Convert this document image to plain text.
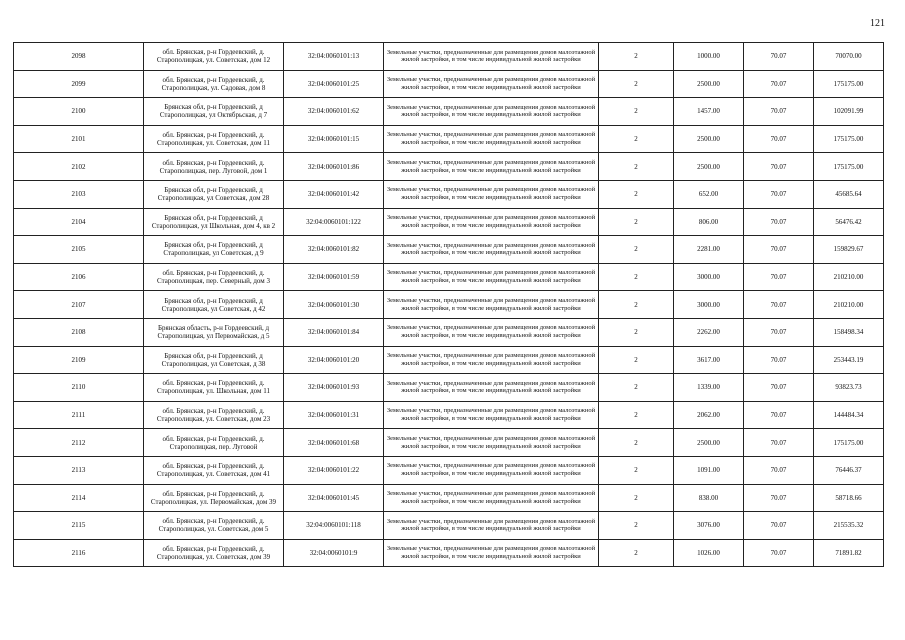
121
2098	обл. Брянская, р-н Гордеевский, д. Старополицкая, ул. Советская, дом 12	32:04:0060101:13	Земельные участки, предназначенные для размещения домов малоэтажной жилой застройки, в том числе индивидуальной жилой застройки	2	1000.00	70.07	70070.00
2099	обл. Брянская, р-н Гордеевский, д. Старополицкая, ул. Садовая, дом 8	32:04:0060101:25	Земельные участки, предназначенные для размещения домов малоэтажной жилой застройки, в том числе индивидуальной жилой застройки	2	2500.00	70.07	175175.00
2100	Брянская обл, р-н Гордеевский, д Старополицкая, ул Октябрьская, д 7	32:04:0060101:62	Земельные участки, предназначенные для размещения домов малоэтажной жилой застройки, в том числе индивидуальной жилой застройки	2	1457.00	70.07	102091.99
2101	обл. Брянская, р-н Гордеевский, д. Старополицкая, ул. Советская, дом 11	32:04:0060101:15	Земельные участки, предназначенные для размещения домов малоэтажной жилой застройки, в том числе индивидуальной жилой застройки	2	2500.00	70.07	175175.00
2102	обл. Брянская, р-н Гордеевский, д. Старополицкая, пер. Луговой, дом 1	32:04:0060101:86	Земельные участки, предназначенные для размещения домов малоэтажной жилой застройки, в том числе индивидуальной жилой застройки	2	2500.00	70.07	175175.00
2103	Брянская обл, р-н Гордеевский, д Старополицкая, ул Советская, дом 28	32:04:0060101:42	Земельные участки, предназначенные для размещения домов малоэтажной жилой застройки, в том числе индивидуальной жилой застройки	2	652.00	70.07	45685.64
2104	Брянская обл, р-н Гордеевский, д Старополицкая, ул Школьная, дом 4, кв 2	32:04:0060101:122	Земельные участки, предназначенные для размещения домов малоэтажной жилой застройки, в том числе индивидуальной жилой застройки	2	806.00	70.07	56476.42
2105	Брянская обл, р-н Гордеевский, д Старополицкая, ул Советская, д 9	32:04:0060101:82	Земельные участки, предназначенные для размещения домов малоэтажной жилой застройки, в том числе индивидуальной жилой застройки	2	2281.00	70.07	159829.67
2106	обл. Брянская, р-н Гордеевский, д. Старополицкая, пер. Северный, дом 3	32:04:0060101:59	Земельные участки, предназначенные для размещения домов малоэтажной жилой застройки, в том числе индивидуальной жилой застройки	2	3000.00	70.07	210210.00
2107	Брянская обл, р-н Гордеевский, д Старополицкая, ул Советская, д 42	32:04:0060101:30	Земельные участки, предназначенные для размещения домов малоэтажной жилой застройки, в том числе индивидуальной жилой застройки	2	3000.00	70.07	210210.00
2108	Брянская область, р-н Гордеевский, д Старополицкая, ул Первомайская, д 5	32:04:0060101:84	Земельные участки, предназначенные для размещения домов малоэтажной жилой застройки, в том числе индивидуальной жилой застройки	2	2262.00	70.07	158498.34
2109	Брянская обл, р-н Гордеевский, д Старополицкая, ул Советская, д 38	32:04:0060101:20	Земельные участки, предназначенные для размещения домов малоэтажной жилой застройки, в том числе индивидуальной жилой застройки	2	3617.00	70.07	253443.19
2110	обл. Брянская, р-н Гордеевский, д. Старополицкая, ул. Школьная, дом 11	32:04:0060101:93	Земельные участки, предназначенные для размещения домов малоэтажной жилой застройки, в том числе индивидуальной жилой застройки	2	1339.00	70.07	93823.73
2111	обл. Брянская, р-н Гордеевский, д. Старополицкая, ул. Советская, дом 23	32:04:0060101:31	Земельные участки, предназначенные для размещения домов малоэтажной жилой застройки, в том числе индивидуальной жилой застройки	2	2062.00	70.07	144484.34
2112	обл. Брянская, р-н Гордеевский, д. Старополицкая, пер. Луговой	32:04:0060101:68	Земельные участки, предназначенные для размещения домов малоэтажной жилой застройки, в том числе индивидуальной жилой застройки	2	2500.00	70.07	175175.00
2113	обл. Брянская, р-н Гордеевский, д. Старополицкая, ул. Советская, дом 41	32:04:0060101:22	Земельные участки, предназначенные для размещения домов малоэтажной жилой застройки, в том числе индивидуальной жилой застройки	2	1091.00	70.07	76446.37
2114	обл. Брянская, р-н Гордеевский, д. Старополицкая, ул. Первомайская, дом 39	32:04:0060101:45	Земельные участки, предназначенные для размещения домов малоэтажной жилой застройки, в том числе индивидуальной жилой застройки	2	838.00	70.07	58718.66
2115	обл. Брянская, р-н Гордеевский, д. Старополицкая, ул. Советская, дом 5	32:04:0060101:118	Земельные участки, предназначенные для размещения домов малоэтажной жилой застройки, в том числе индивидуальной жилой застройки	2	3076.00	70.07	215535.32
2116	обл. Брянская, р-н Гордеевский, д. Старополицкая, ул. Советская, дом 39	32:04:0060101:9	Земельные участки, предназначенные для размещения домов малоэтажной жилой застройки, в том числе индивидуальной жилой застройки	2	1026.00	70.07	71891.82
